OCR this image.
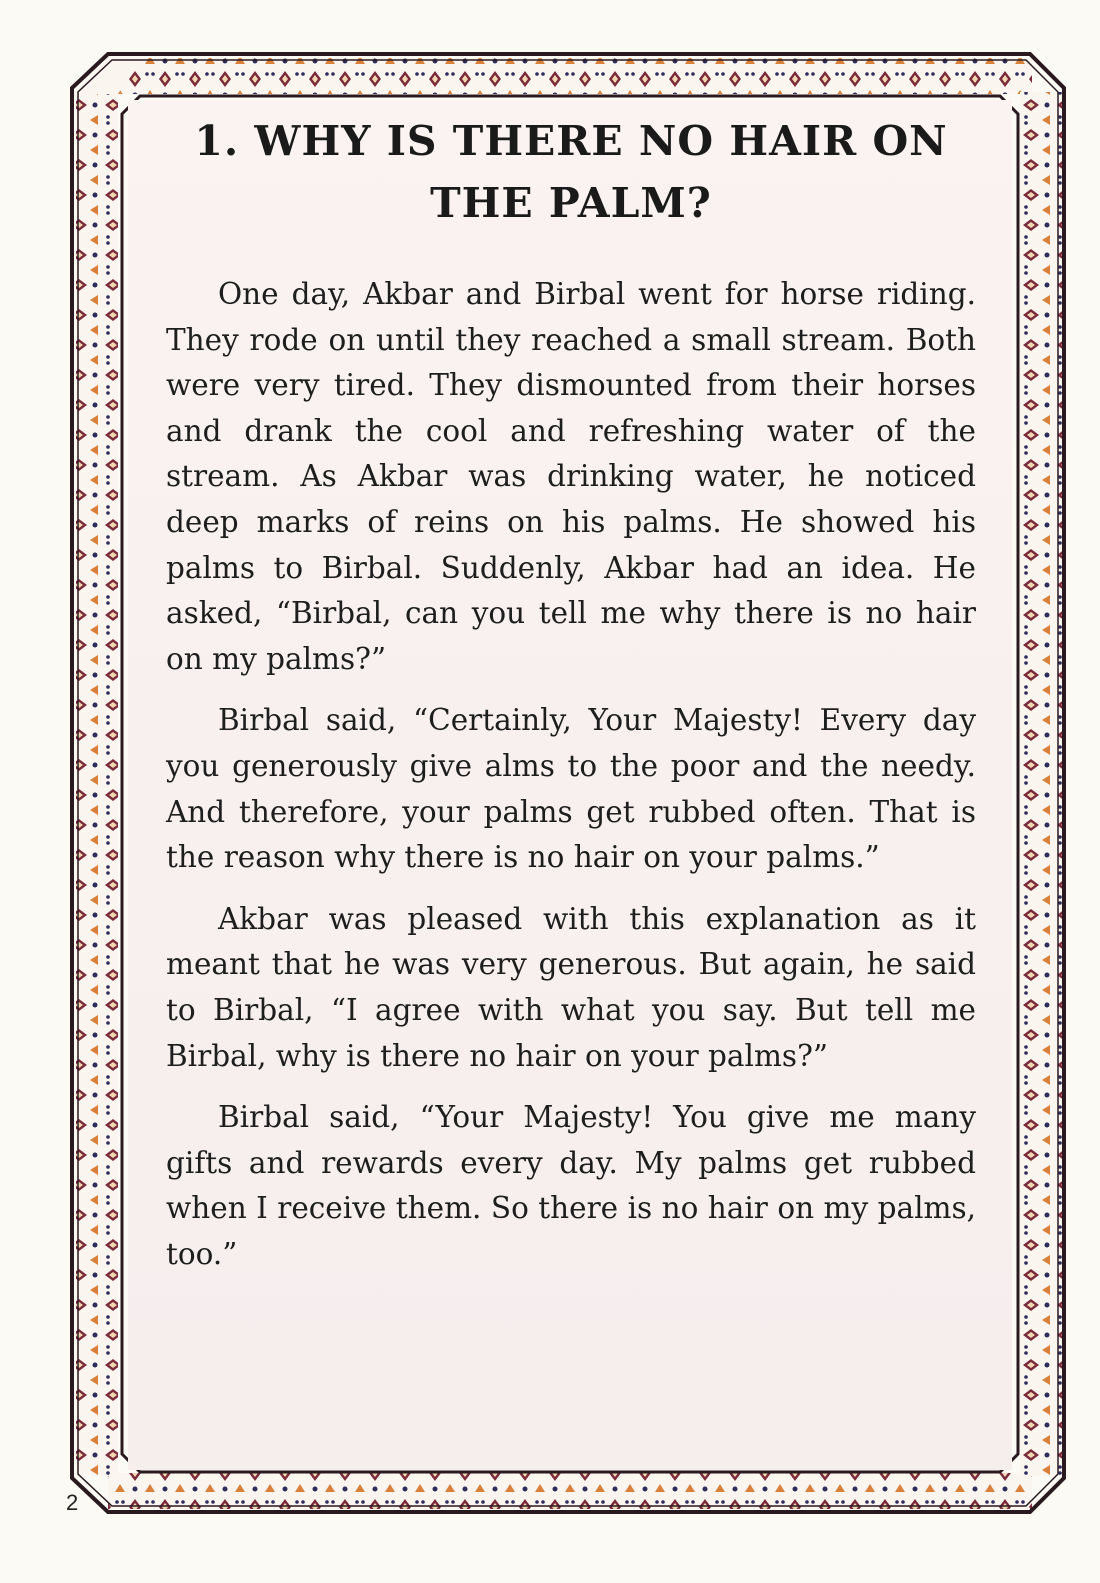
1. WHY IS THERE NO HAIR ON
THE PALM?

One day, Akbar and Birbal went for horse riding. They rode on until they reached a small stream. Both were very tired. They dismounted from their horses and drank the cool and refreshing water of the stream. As Akbar was drinking water, he noticed deep marks of reins on his palms. He showed his palms to Birbal. Suddenly, Akbar had an idea. He asked, “Birbal, can you tell me why there is no hair on my palms?”

Birbal said, “Certainly, Your Majesty! Every day you generously give alms to the poor and the needy. And therefore, your palms get rubbed often. That is the reason why there is no hair on your palms.”

Akbar was pleased with this explanation as it meant that he was very generous. But again, he said to Birbal, “I agree with what you say. But tell me Birbal, why is there no hair on your palms?”

Birbal said, “Your Majesty! You give me many gifts and rewards every day. My palms get rubbed when I receive them. So there is no hair on my palms, too.”

2
